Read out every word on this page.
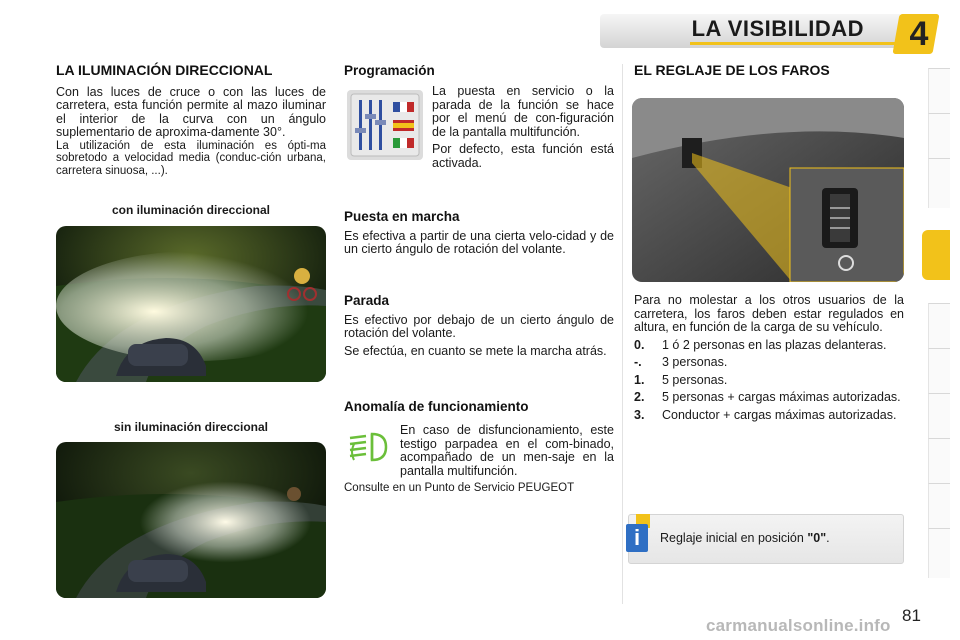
LA VISIBILIDAD 4
LA ILUMINACIÓN DIRECCIONAL

Con las luces de cruce o con las luces de carretera, esta función permite al mazo iluminar el interior de la curva con un ángulo suplementario de aproxima-damente 30°.

La utilización de esta iluminación es ópti-ma sobretodo a velocidad media (conduc-ción urbana, carretera sinuosa, ...).

con iluminación direccional
sin iluminación direccional
Programación

La puesta en servicio o la parada de la función se hace por el menú de con-figuración de la pantalla multifunción.

Por defecto, esta función está activada.

Puesta en marcha

Es efectiva a partir de una cierta velo-cidad y de un cierto ángulo de rotación del volante.

Parada

Es efectivo por debajo de un cierto ángulo de rotación del volante.

Se efectúa, en cuanto se mete la marcha atrás.

Anomalía de funcionamiento

En caso de disfuncionamiento, este testigo parpadea en el com-binado, acompañado de un men-saje en la pantalla multifunción.

Consulte en un Punto de Servicio PEUGEOT

EL REGLAJE DE LOS FAROS

Para no molestar a los otros usuarios de la carretera, los faros deben estar regulados en altura, en función de la carga de su vehículo.

0.	1 ó 2 personas en las plazas delanteras.
-.	3 personas.
1.	5 personas.
2.	5 personas + cargas máximas autorizadas.
3.	Conductor + cargas máximas autorizadas.
i	Reglaje inicial en posición "0".
81
carmanualsonline.info
